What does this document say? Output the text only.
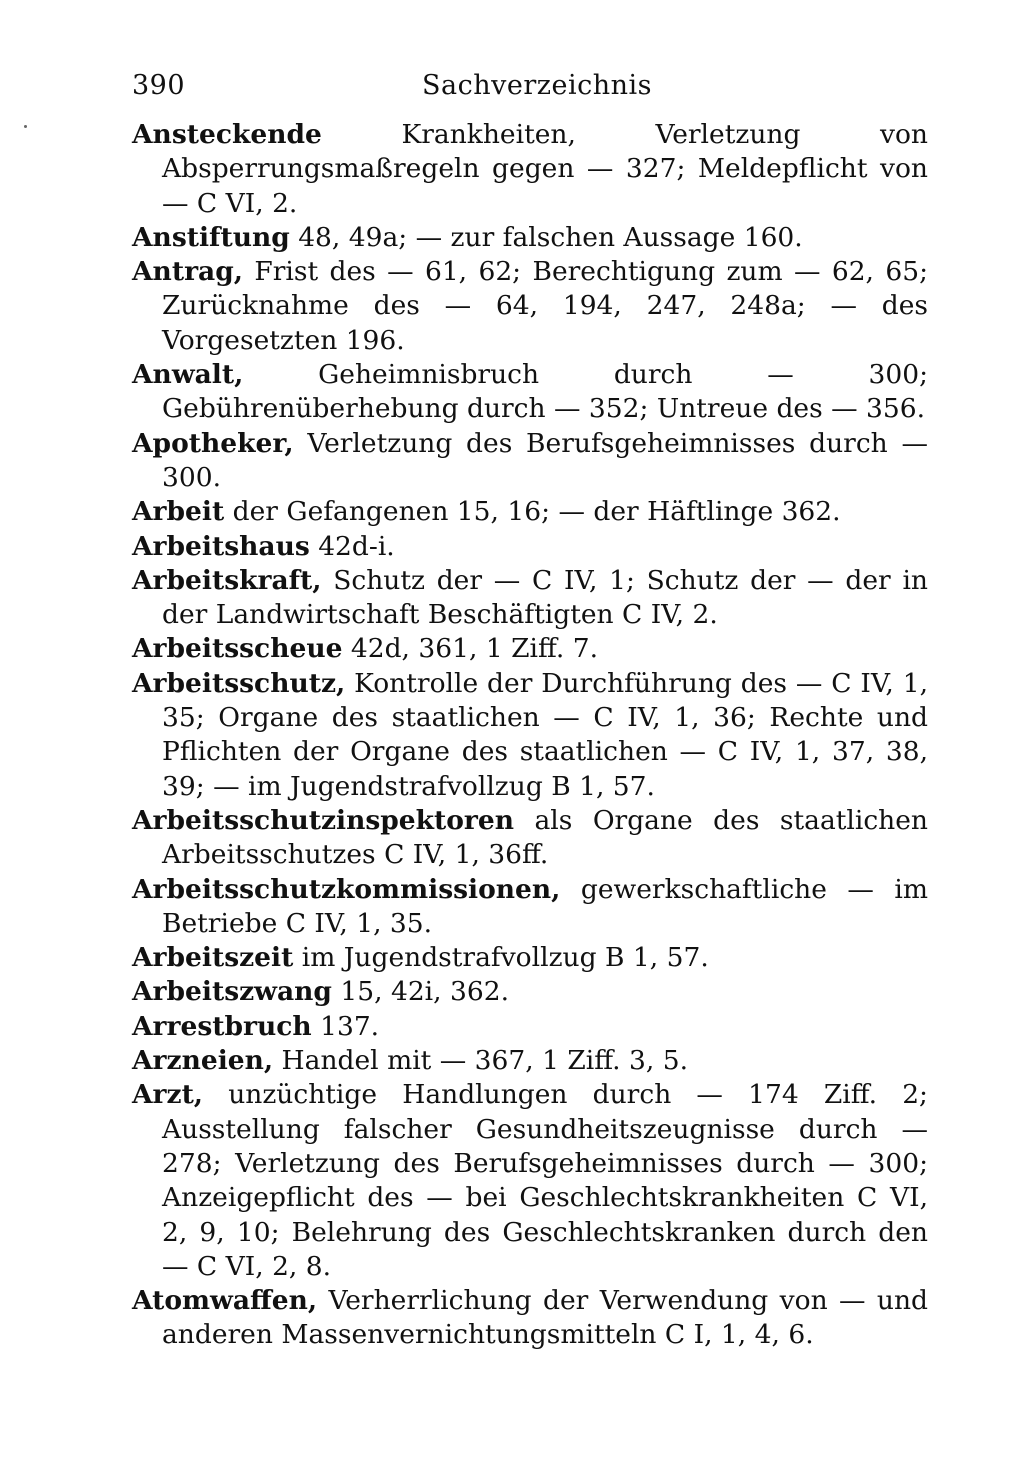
390	Sachverzeichnis

Ansteckende Krankheiten, Verletzung von Absperrungsmaßregeln gegen — 327; Meldepflicht von — C VI, 2.

Anstiftung 48, 49a; — zur falschen Aussage 160.

Antrag, Frist des — 61, 62; Berechtigung zum — 62, 65; Zurücknahme des — 64, 194, 247, 248a; — des Vorgesetzten 196.

Anwalt, Geheimnisbruch durch — 300; Gebührenüberhebung durch — 352; Untreue des — 356.

Apotheker, Verletzung des Berufsgeheimnisses durch — 300.

Arbeit der Gefangenen 15, 16; — der Häftlinge 362.

Arbeitshaus 42d-i.

Arbeitskraft, Schutz der — C IV, 1; Schutz der — der in der Landwirtschaft Beschäftigten C IV, 2.

Arbeitsscheue 42d, 361, 1 Ziff. 7.

Arbeitsschutz, Kontrolle der Durchführung des — C IV, 1, 35; Organe des staatlichen — C IV, 1, 36; Rechte und Pflichten der Organe des staatlichen — C IV, 1, 37, 38, 39; — im Jugendstrafvollzug B 1, 57.

Arbeitsschutzinspektoren als Organe des staatlichen Arbeitsschutzes C IV, 1, 36ff.

Arbeitsschutzkommissionen, gewerkschaftliche — im Betriebe C IV, 1, 35.

Arbeitszeit im Jugendstrafvollzug B 1, 57.

Arbeitszwang 15, 42i, 362.

Arrestbruch 137.

Arzneien, Handel mit — 367, 1 Ziff. 3, 5.

Arzt, unzüchtige Handlungen durch — 174 Ziff. 2; Ausstellung falscher Gesundheitszeugnisse durch — 278; Verletzung des Berufsgeheimnisses durch — 300; Anzeigepflicht des — bei Geschlechtskrankheiten C VI, 2, 9, 10; Belehrung des Geschlechtskranken durch den — C VI, 2, 8.

Atomwaffen, Verherrlichung der Verwendung von — und anderen Massenvernichtungsmitteln C I, 1, 4, 6.
